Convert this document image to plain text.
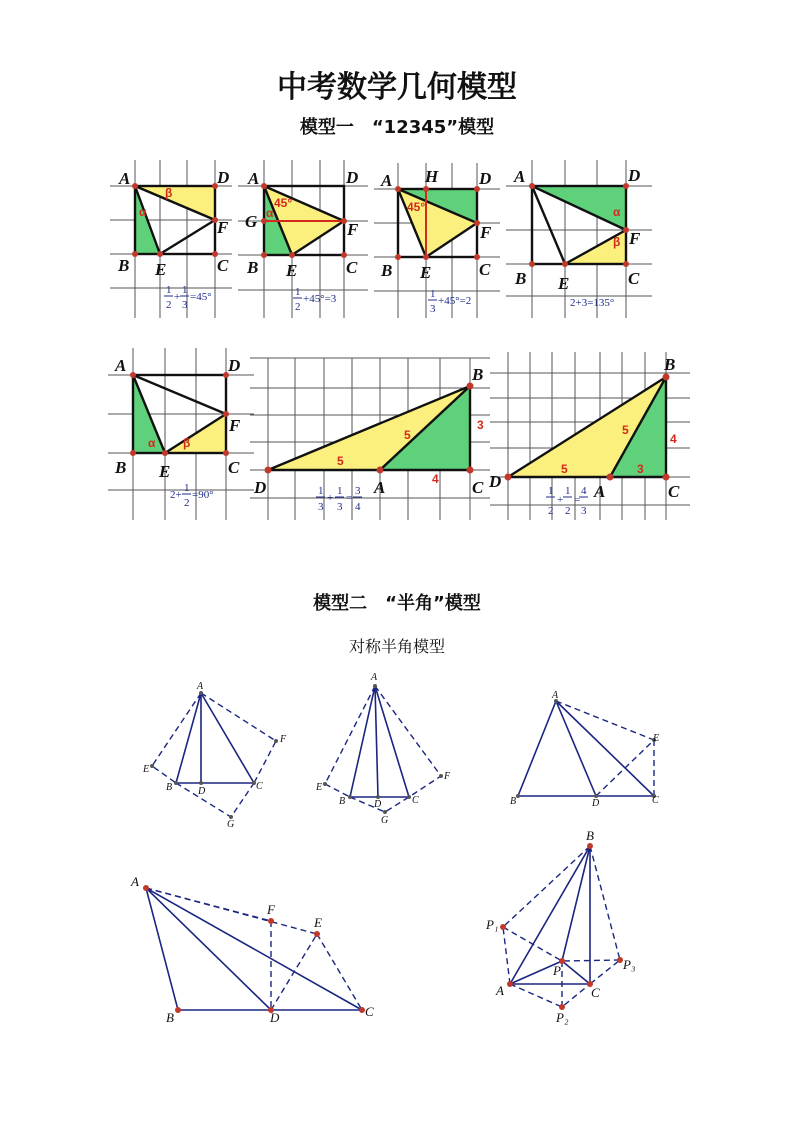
中考数学几何模型
模型一　“12345”模型
模型二　“半角”模型
对称半角模型
A	D
F
B E	C
α
β
1
2
+
1
3
=45°
A	D
G	F
B E	C
α
45°
1
2
+45°=3
A H D
F
B E	C
45°
1
3
+45°=2
A	D
F
B E	C
α
β
2+3=135°
A	D
F
B E	C
α β
2+
1
2
=90°
B
D	A	C
3
5
5
4
1
3
+
1
3
=
3
4
B
D
A	C
4
5
5	3
1
2
+
1
2
=
4
3
A
F
E
B	D	C
G
A
E
F
B	D	C
G
A
E
B	D	C
A
F
E
B	D	C
B
P₁
P	P₃
A	C
P₂
